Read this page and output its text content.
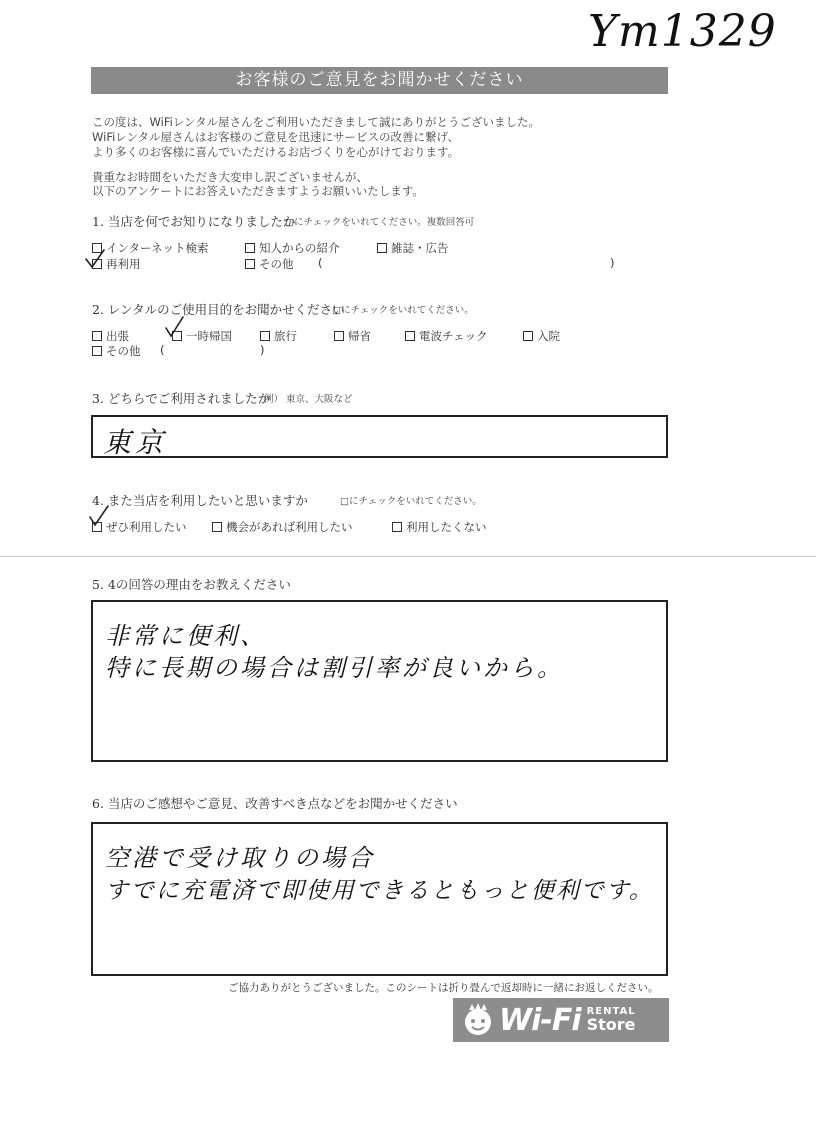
Ym1329
お客様のご意見をお聞かせください
この度は、WiFiレンタル屋さんをご利用いただきまして誠にありがとうございました。
WiFiレンタル屋さんはお客様のご意見を迅速にサービスの改善に繋げ、
より多くのお客様に喜んでいただけるお店づくりを心がけております。
貴重なお時間をいただき大変申し訳ございませんが、
以下のアンケートにお答えいただきますようお願いいたします。
1. 当店を何でお知りになりましたか
□にチェックをいれてください。複数回答可
インターネット検索	知人からの紹介	雑誌・広告
再利用	その他 (	)
2. レンタルのご使用目的をお聞かせください
□にチェックをいれてください。
出張	一時帰国	旅行	帰省	電波チェック	入院
その他 (	)
3. どちらでご利用されましたか
例） 東京、大阪など
東京
4. また当店を利用したいと思いますか	□にチェックをいれてください。
ぜひ利用したい	機会があれば利用したい	利用したくない
5. 4の回答の理由をお教えください
非常に便利、
特に長期の場合は割引率が良いから。
6. 当店のご感想やご意見、改善すべき点などをお聞かせください
空港で受け取りの場合
すでに充電済で即使用できるともっと便利です。
ご協力ありがとうございました。このシートは折り畳んで返却時に一緒にお返しください。
Wi-Fi RENTAL
Store
